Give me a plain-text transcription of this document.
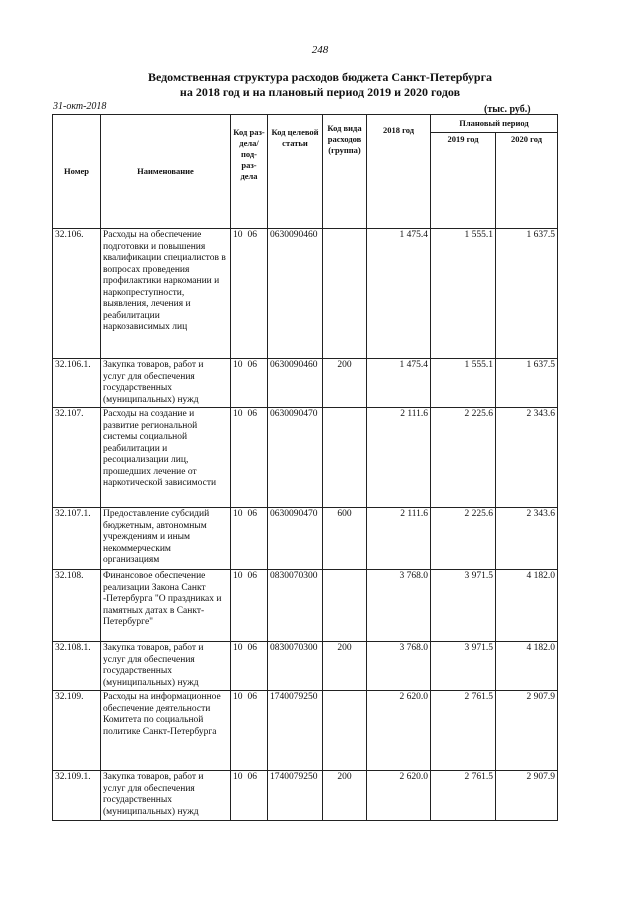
248
Ведомственная структура расходов бюджета Санкт-Петербурга
на 2018 год и на плановый период 2019 и 2020 годов
31-окт-2018	(тыс. руб.)
Номер	Наименование	Код раз- дела/ под- раз- дела	Код целевой статьи	Код вида расходов (группа)	2018 год	Плановый период	
						2019 год	2020 год
32.106.	Расходы на обеспечение подготовки и повышения квалификации специалистов в вопросах проведения профилактики наркомании и наркопреступности, выявления, лечения и реабилитации наркозависимых лиц	10 06	0630090460		1 475.4	1 555.1	1 637.5
32.106.1.	Закупка товаров, работ и услуг для обеспечения государственных (муниципальных) нужд	10 06	0630090460	200	1 475.4	1 555.1	1 637.5
32.107.	Расходы на создание и развитие региональной системы социальной реабилитации и ресоциализации лиц, прошедших лечение от наркотической зависимости	10 06	0630090470		2 111.6	2 225.6	2 343.6
32.107.1.	Предоставление субсидий бюджетным, автономным учреждениям и иным некоммерческим организациям	10 06	0630090470	600	2 111.6	2 225.6	2 343.6
32.108.	Финансовое обеспечение реализации Закона Санкт -Петербурга "О праздниках и памятных датах в Санкт-Петербурге"	10 06	0830070300		3 768.0	3 971.5	4 182.0
32.108.1.	Закупка товаров, работ и услуг для обеспечения государственных (муниципальных) нужд	10 06	0830070300	200	3 768.0	3 971.5	4 182.0
32.109.	Расходы на информационное обеспечение деятельности Комитета по социальной политике Санкт-Петербурга	10 06	1740079250		2 620.0	2 761.5	2 907.9
32.109.1.	Закупка товаров, работ и услуг для обеспечения государственных (муниципальных) нужд	10 06	1740079250	200	2 620.0	2 761.5	2 907.9
